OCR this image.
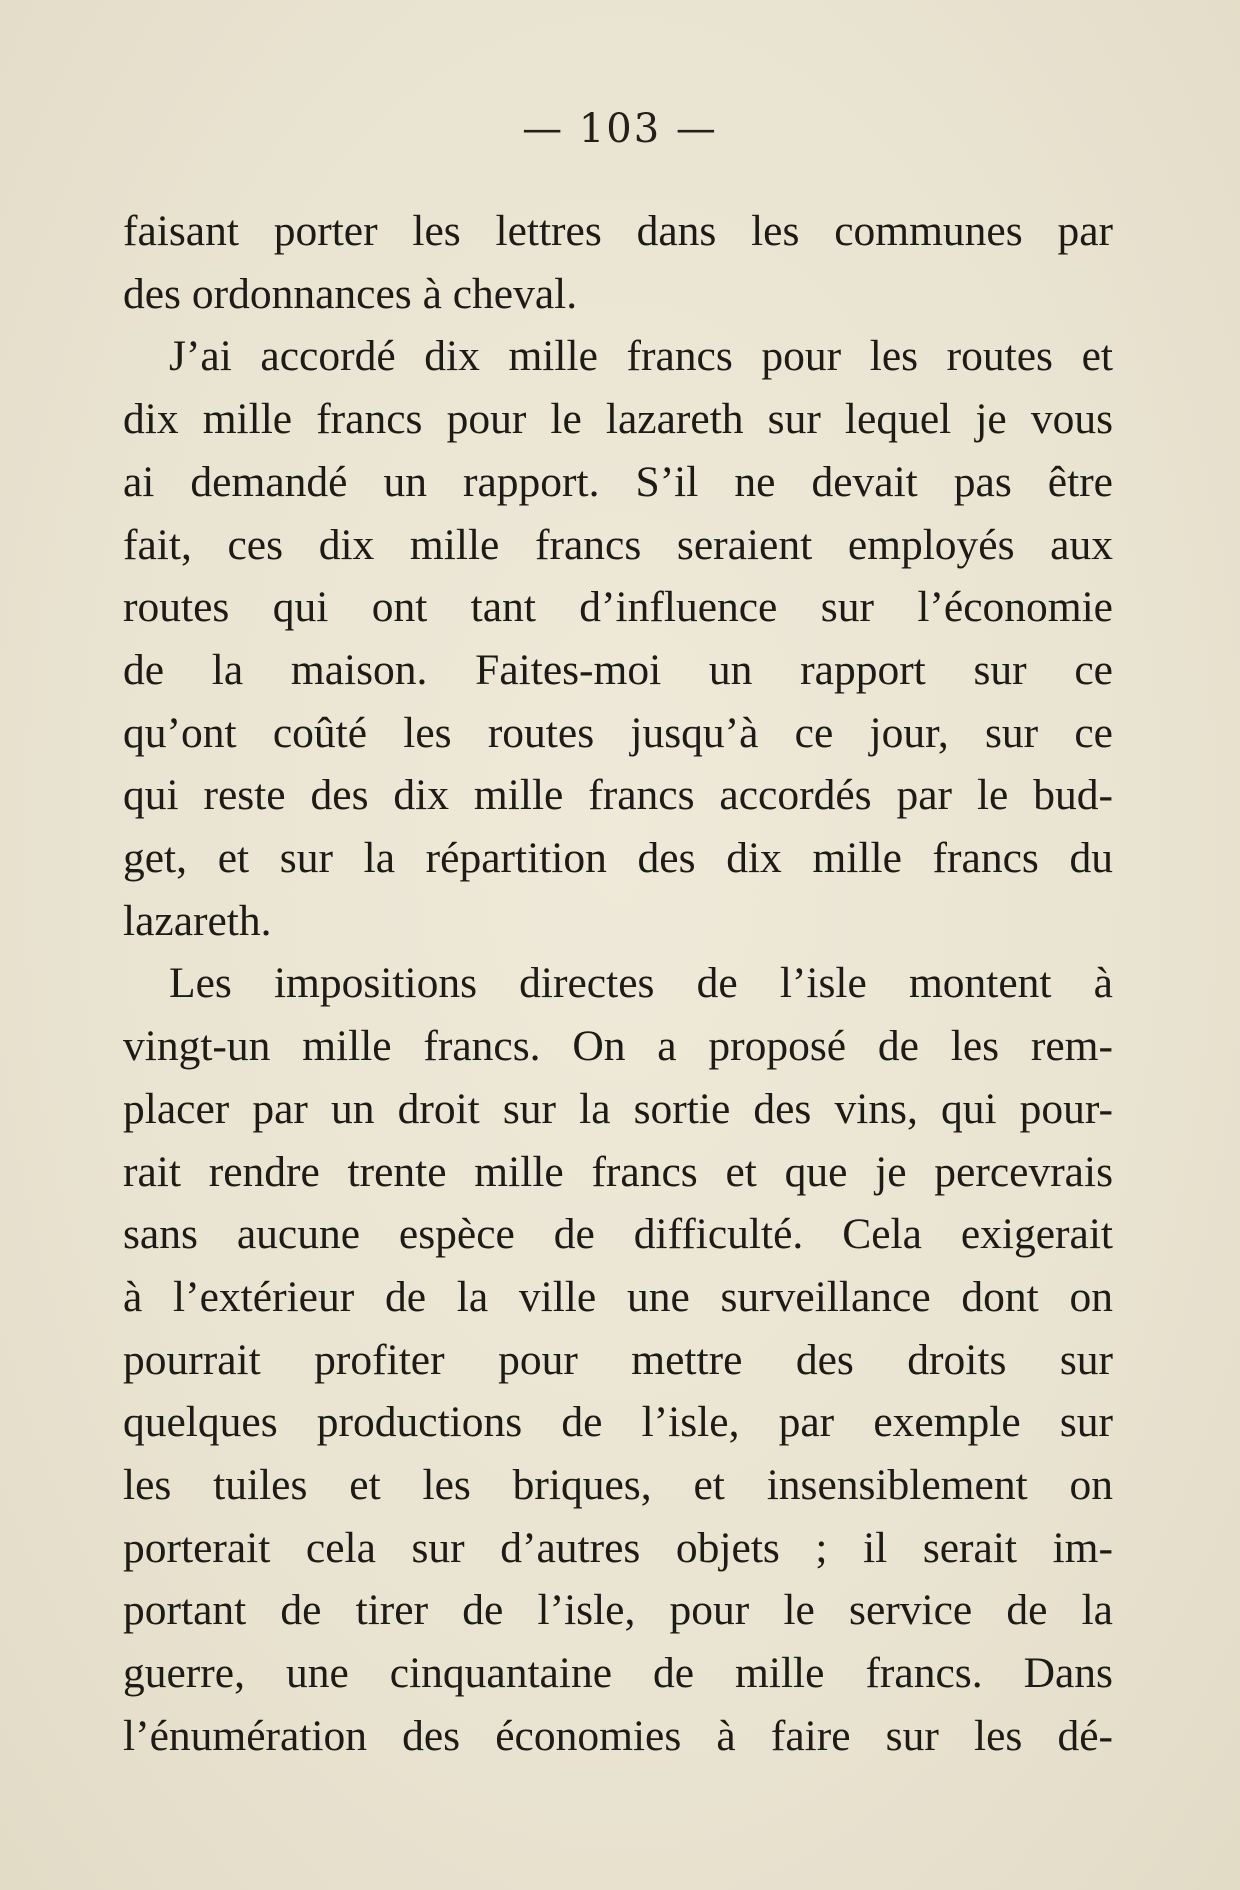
— 103 —
faisant porter les lettres dans les communes par
des ordonnances à cheval.
J’ai accordé dix mille francs pour les routes et
dix mille francs pour le lazareth sur lequel je vous
ai demandé un rapport. S’il ne devait pas être
fait, ces dix mille francs seraient employés aux
routes qui ont tant d’influence sur l’économie
de la maison. Faites-moi un rapport sur ce
qu’ont coûté les routes jusqu’à ce jour, sur ce
qui reste des dix mille francs accordés par le bud-
get, et sur la répartition des dix mille francs du
lazareth.
Les impositions directes de l’isle montent à
vingt-un mille francs. On a proposé de les rem-
placer par un droit sur la sortie des vins, qui pour-
rait rendre trente mille francs et que je percevrais
sans aucune espèce de difficulté. Cela exigerait
à l’extérieur de la ville une surveillance dont on
pourrait profiter pour mettre des droits sur
quelques productions de l’isle, par exemple sur
les tuiles et les briques, et insensiblement on
porterait cela sur d’autres objets ; il serait im-
portant de tirer de l’isle, pour le service de la
guerre, une cinquantaine de mille francs. Dans
l’énumération des économies à faire sur les dé-
